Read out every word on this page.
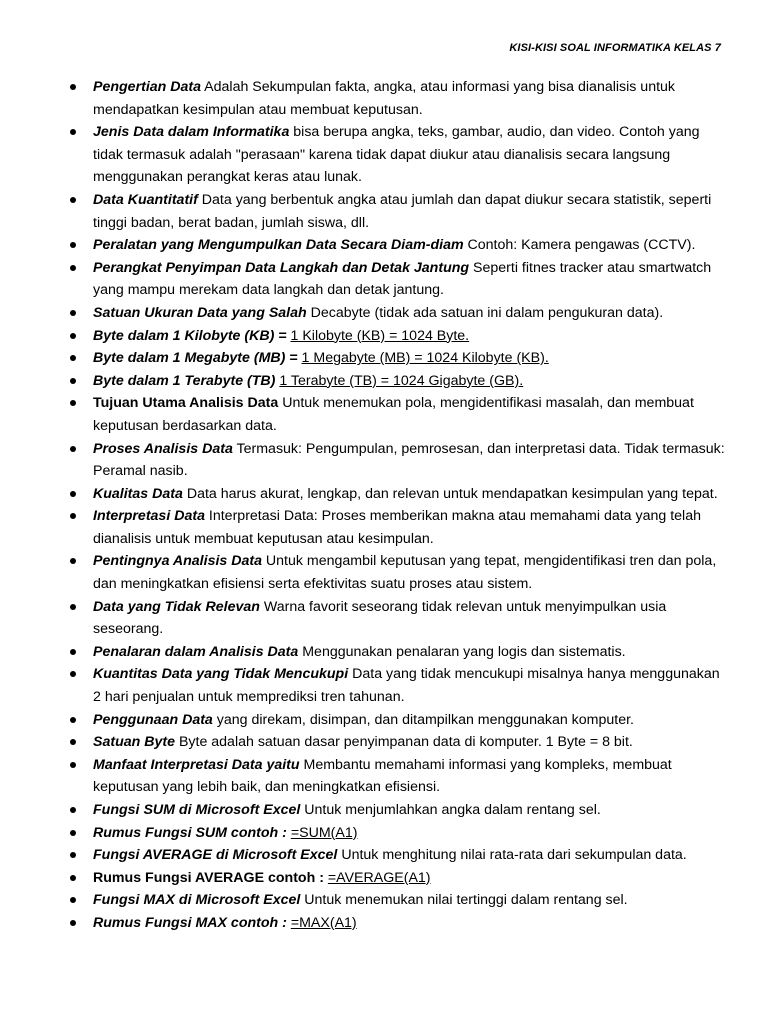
KISI-KISI SOAL INFORMATIKA KELAS 7
Pengertian Data Adalah Sekumpulan fakta, angka, atau informasi yang bisa dianalisis untuk mendapatkan kesimpulan atau membuat keputusan.
Jenis Data dalam Informatika bisa berupa angka, teks, gambar, audio, dan video. Contoh yang tidak termasuk adalah "perasaan" karena tidak dapat diukur atau dianalisis secara langsung menggunakan perangkat keras atau lunak.
Data Kuantitatif Data yang berbentuk angka atau jumlah dan dapat diukur secara statistik, seperti tinggi badan, berat badan, jumlah siswa, dll.
Peralatan yang Mengumpulkan Data Secara Diam-diam Contoh: Kamera pengawas (CCTV).
Perangkat Penyimpan Data Langkah dan Detak Jantung Seperti fitnes tracker atau smartwatch yang mampu merekam data langkah dan detak jantung.
Satuan Ukuran Data yang Salah Decabyte (tidak ada satuan ini dalam pengukuran data).
Byte dalam 1 Kilobyte (KB) = 1 Kilobyte (KB) = 1024 Byte.
Byte dalam 1 Megabyte (MB) = 1 Megabyte (MB) = 1024 Kilobyte (KB).
Byte dalam 1 Terabyte (TB) 1 Terabyte (TB) = 1024 Gigabyte (GB).
Tujuan Utama Analisis Data Untuk menemukan pola, mengidentifikasi masalah, dan membuat keputusan berdasarkan data.
Proses Analisis Data Termasuk: Pengumpulan, pemrosesan, dan interpretasi data. Tidak termasuk: Peramal nasib.
Kualitas Data Data harus akurat, lengkap, dan relevan untuk mendapatkan kesimpulan yang tepat.
Interpretasi Data Interpretasi Data: Proses memberikan makna atau memahami data yang telah dianalisis untuk membuat keputusan atau kesimpulan.
Pentingnya Analisis Data Untuk mengambil keputusan yang tepat, mengidentifikasi tren dan pola, dan meningkatkan efisiensi serta efektivitas suatu proses atau sistem.
Data yang Tidak Relevan Warna favorit seseorang tidak relevan untuk menyimpulkan usia seseorang.
Penalaran dalam Analisis Data Menggunakan penalaran yang logis dan sistematis.
Kuantitas Data yang Tidak Mencukupi Data yang tidak mencukupi misalnya hanya menggunakan 2 hari penjualan untuk memprediksi tren tahunan.
Penggunaan Data yang direkam, disimpan, dan ditampilkan menggunakan komputer.
Satuan Byte Byte adalah satuan dasar penyimpanan data di komputer. 1 Byte = 8 bit.
Manfaat Interpretasi Data yaitu Membantu memahami informasi yang kompleks, membuat keputusan yang lebih baik, dan meningkatkan efisiensi.
Fungsi SUM di Microsoft Excel Untuk menjumlahkan angka dalam rentang sel.
Rumus Fungsi SUM contoh : =SUM(A1)
Fungsi AVERAGE di Microsoft Excel Untuk menghitung nilai rata-rata dari sekumpulan data.
Rumus Fungsi AVERAGE contoh : =AVERAGE(A1)
Fungsi MAX di Microsoft Excel Untuk menemukan nilai tertinggi dalam rentang sel.
Rumus Fungsi MAX contoh : =MAX(A1)
